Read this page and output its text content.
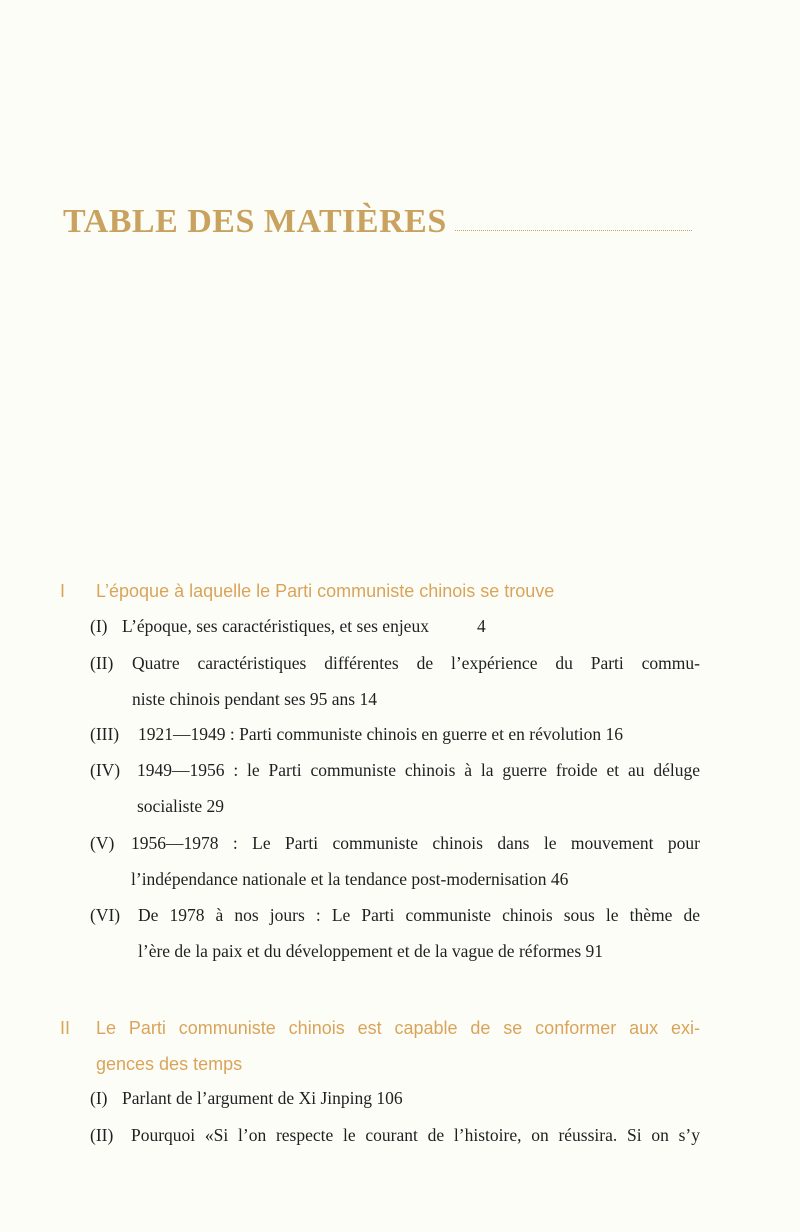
TABLE DES MATIÈRES
I L’époque à laquelle le Parti communiste chinois se trouve
(I) L’époque, ses caractéristiques, et ses enjeux	4
(II) Quatre caractéristiques différentes de l’expérience du Parti commu-
niste chinois pendant ses 95 ans 14
(III) 1921—1949 : Parti communiste chinois en guerre et en révolution 16
(IV) 1949—1956 : le Parti communiste chinois à la guerre froide et au déluge
socialiste 29
(V) 1956—1978 : Le Parti communiste chinois dans le mouvement pour
l’indépendance nationale et la tendance post-modernisation 46
(VI) De 1978 à nos jours : Le Parti communiste chinois sous le thème de
l’ère de la paix et du développement et de la vague de réformes 91
II Le Parti communiste chinois est capable de se conformer aux exi-
gences des temps
(I) Parlant de l’argument de Xi Jinping 106
(II) Pourquoi «Si l’on respecte le courant de l’histoire, on réussira. Si on s’y
